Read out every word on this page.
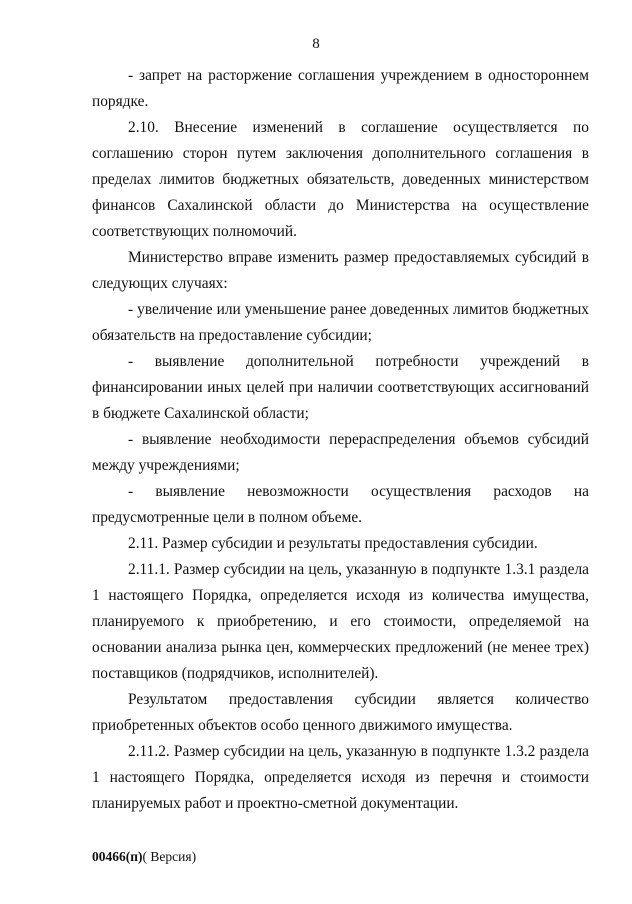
8

- запрет на расторжение соглашения учреждением в одностороннем порядке.

2.10. Внесение изменений в соглашение осуществляется по соглашению сторон путем заключения дополнительного соглашения в пределах лимитов бюджетных обязательств, доведенных министерством финансов Сахалинской области до Министерства на осуществление соответствующих полномочий.

Министерство вправе изменить размер предоставляемых субсидий в следующих случаях:

- увеличение или уменьшение ранее доведенных лимитов бюджетных обязательств на предоставление субсидии;

- выявление дополнительной потребности учреждений в финансировании иных целей при наличии соответствующих ассигнований в бюджете Сахалинской области;

- выявление необходимости перераспределения объемов субсидий между учреждениями;

- выявление невозможности осуществления расходов на предусмотренные цели в полном объеме.

2.11. Размер субсидии и результаты предоставления субсидии.

2.11.1. Размер субсидии на цель, указанную в подпункте 1.3.1 раздела 1 настоящего Порядка, определяется исходя из количества имущества, планируемого к приобретению, и его стоимости, определяемой на основании анализа рынка цен, коммерческих предложений (не менее трех) поставщиков (подрядчиков, исполнителей).

Результатом предоставления субсидии является количество приобретенных объектов особо ценного движимого имущества.

2.11.2. Размер субсидии на цель, указанную в подпункте 1.3.2 раздела 1 настоящего Порядка, определяется исходя из перечня и стоимости планируемых работ и проектно-сметной документации.

00466(п)( Версия)
